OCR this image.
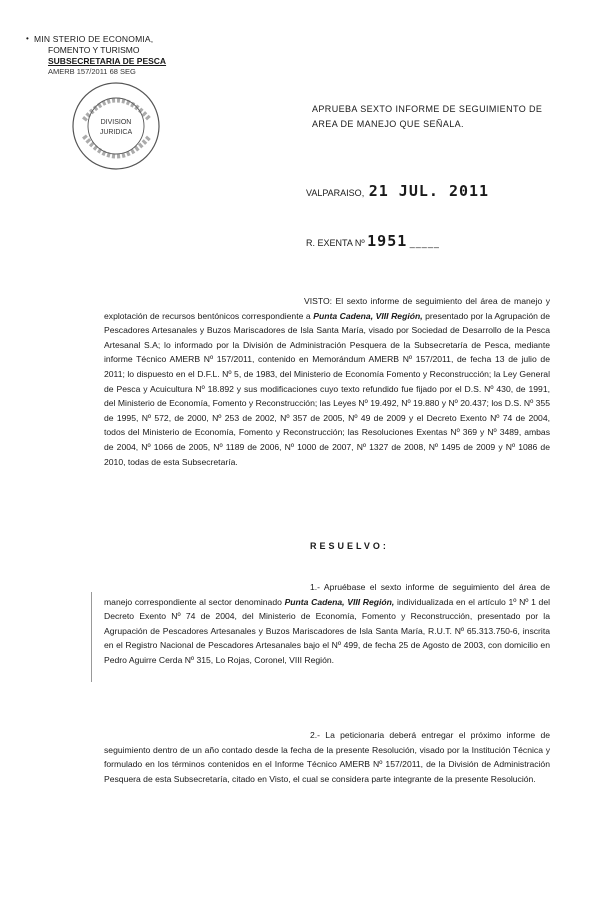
• MIN STERIO DE ECONOMIA,
FOMENTO Y TURISMO
SUBSECRETARIA DE PESCA
AMERB 157/2011 68 SEG
DIVISION
JURIDICA
APRUEBA SEXTO INFORME DE SEGUIMIENTO DE AREA DE MANEJO QUE SEÑALA.
VALPARAISO, 21 JUL. 2011
R. EXENTA Nº 1951 _____
VISTO: El sexto informe de seguimiento del área de manejo y explotación de recursos bentónicos correspondiente a Punta Cadena, VIII Región, presentado por la Agrupación de Pescadores Artesanales y Buzos Mariscadores de Isla Santa María, visado por Sociedad de Desarrollo de la Pesca Artesanal S.A; lo informado por la División de Administración Pesquera de la Subsecretaría de Pesca, mediante informe Técnico AMERB Nº 157/2011, contenido en Memorándum AMERB Nº 157/2011, de fecha 13 de julio de 2011; lo dispuesto en el D.F.L. Nº 5, de 1983, del Ministerio de Economía Fomento y Reconstrucción; la Ley General de Pesca y Acuicultura Nº 18.892 y sus modificaciones cuyo texto refundido fue fijado por el D.S. Nº 430, de 1991, del Ministerio de Economía, Fomento y Reconstrucción; las Leyes Nº 19.492, Nº 19.880 y Nº 20.437; los D.S. Nº 355 de 1995, Nº 572, de 2000, Nº 253 de 2002, Nº 357 de 2005, Nº 49 de 2009 y el Decreto Exento Nº 74 de 2004, todos del Ministerio de Economía, Fomento y Reconstrucción; las Resoluciones Exentas Nº 369 y Nº 3489, ambas de 2004, Nº 1066 de 2005, Nº 1189 de 2006, Nº 1000 de 2007, Nº 1327 de 2008, Nº 1495 de 2009 y Nº 1086 de 2010, todas de esta Subsecretaría.
RESUELVO:
1.- Apruébase el sexto informe de seguimiento del área de manejo correspondiente al sector denominado Punta Cadena, VIII Región, individualizada en el artículo 1º Nº 1 del Decreto Exento Nº 74 de 2004, del Ministerio de Economía, Fomento y Reconstrucción, presentado por la Agrupación de Pescadores Artesanales y Buzos Mariscadores de Isla Santa María, R.U.T. Nº 65.313.750-6, inscrita en el Registro Nacional de Pescadores Artesanales bajo el Nº 499, de fecha 25 de Agosto de 2003, con domicilio en Pedro Aguirre Cerda Nº 315, Lo Rojas, Coronel, VIII Región.
2.- La peticionaria deberá entregar el próximo informe de seguimiento dentro de un año contado desde la fecha de la presente Resolución, visado por la Institución Técnica y formulado en los términos contenidos en el Informe Técnico AMERB Nº 157/2011, de la División de Administración Pesquera de esta Subsecretaría, citado en Visto, el cual se considera parte integrante de la presente Resolución.
